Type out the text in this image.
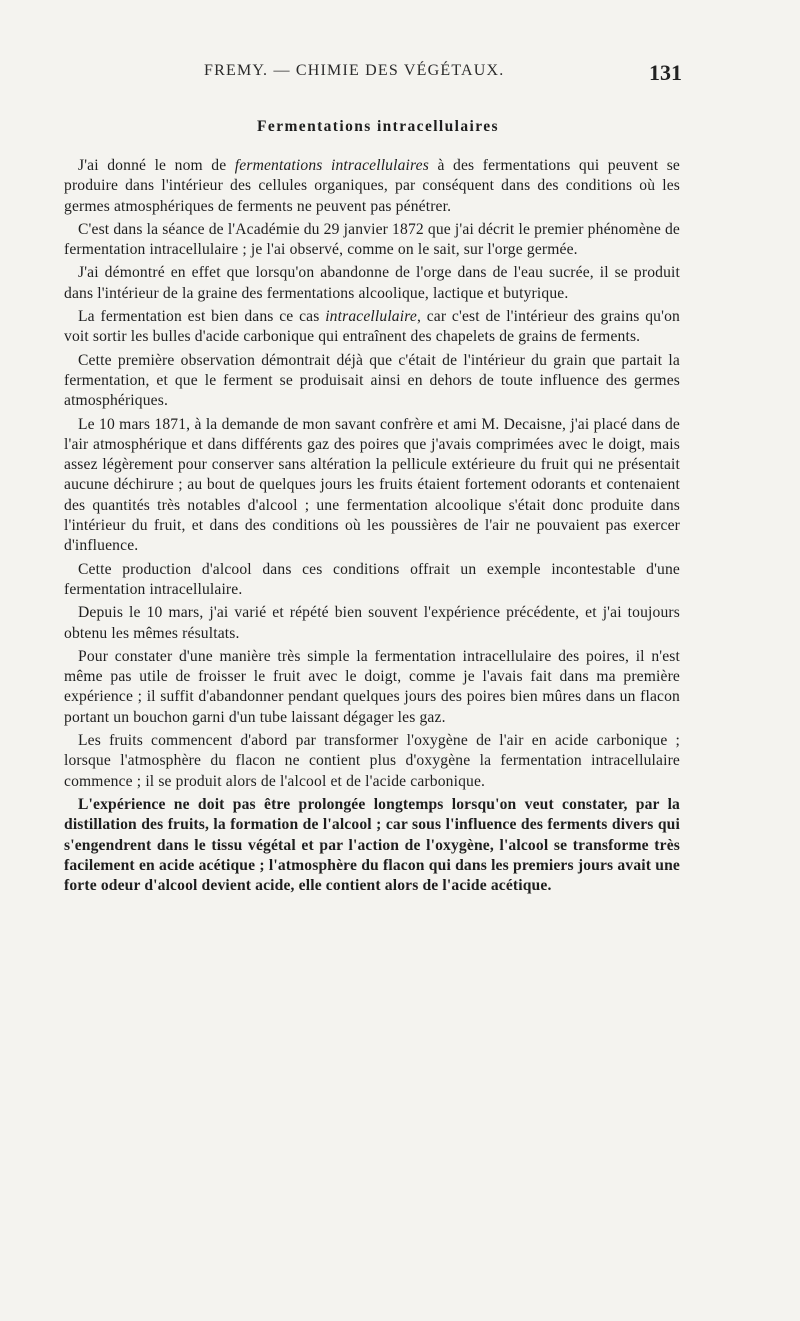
FREMY. — CHIMIE DES VÉGÉTAUX.	131
Fermentations intracellulaires

J'ai donné le nom de fermentations intracellulaires à des fermentations qui peuvent se produire dans l'intérieur des cellules organiques, par conséquent dans des conditions où les germes atmosphériques de ferments ne peuvent pas pénétrer.

C'est dans la séance de l'Académie du 29 janvier 1872 que j'ai décrit le premier phénomène de fermentation intracellulaire ; je l'ai observé, comme on le sait, sur l'orge germée.

J'ai démontré en effet que lorsqu'on abandonne de l'orge dans de l'eau sucrée, il se produit dans l'intérieur de la graine des fermentations alcoolique, lactique et butyrique.

La fermentation est bien dans ce cas intracellulaire, car c'est de l'intérieur des grains qu'on voit sortir les bulles d'acide carbonique qui entraînent des chapelets de grains de ferments.

Cette première observation démontrait déjà que c'était de l'intérieur du grain que partait la fermentation, et que le ferment se produisait ainsi en dehors de toute influence des germes atmosphériques.

Le 10 mars 1871, à la demande de mon savant confrère et ami M. Decaisne, j'ai placé dans de l'air atmosphérique et dans différents gaz des poires que j'avais comprimées avec le doigt, mais assez légèrement pour conserver sans altération la pellicule extérieure du fruit qui ne présentait aucune déchirure ; au bout de quelques jours les fruits étaient fortement odorants et contenaient des quantités très notables d'alcool ; une fermentation alcoolique s'était donc produite dans l'intérieur du fruit, et dans des conditions où les poussières de l'air ne pouvaient pas exercer d'influence.

Cette production d'alcool dans ces conditions offrait un exemple incontestable d'une fermentation intracellulaire.

Depuis le 10 mars, j'ai varié et répété bien souvent l'expérience précédente, et j'ai toujours obtenu les mêmes résultats.

Pour constater d'une manière très simple la fermentation intracellulaire des poires, il n'est même pas utile de froisser le fruit avec le doigt, comme je l'avais fait dans ma première expérience ; il suffit d'abandonner pendant quelques jours des poires bien mûres dans un flacon portant un bouchon garni d'un tube laissant dégager les gaz.

Les fruits commencent d'abord par transformer l'oxygène de l'air en acide carbonique ; lorsque l'atmosphère du flacon ne contient plus d'oxygène la fermentation intracellulaire commence ; il se produit alors de l'alcool et de l'acide carbonique.

L'expérience ne doit pas être prolongée longtemps lorsqu'on veut constater, par la distillation des fruits, la formation de l'alcool ; car sous l'influence des ferments divers qui s'engendrent dans le tissu végétal et par l'action de l'oxygène, l'alcool se transforme très facilement en acide acétique ; l'atmosphère du flacon qui dans les premiers jours avait une forte odeur d'alcool devient acide, elle contient alors de l'acide acétique.
